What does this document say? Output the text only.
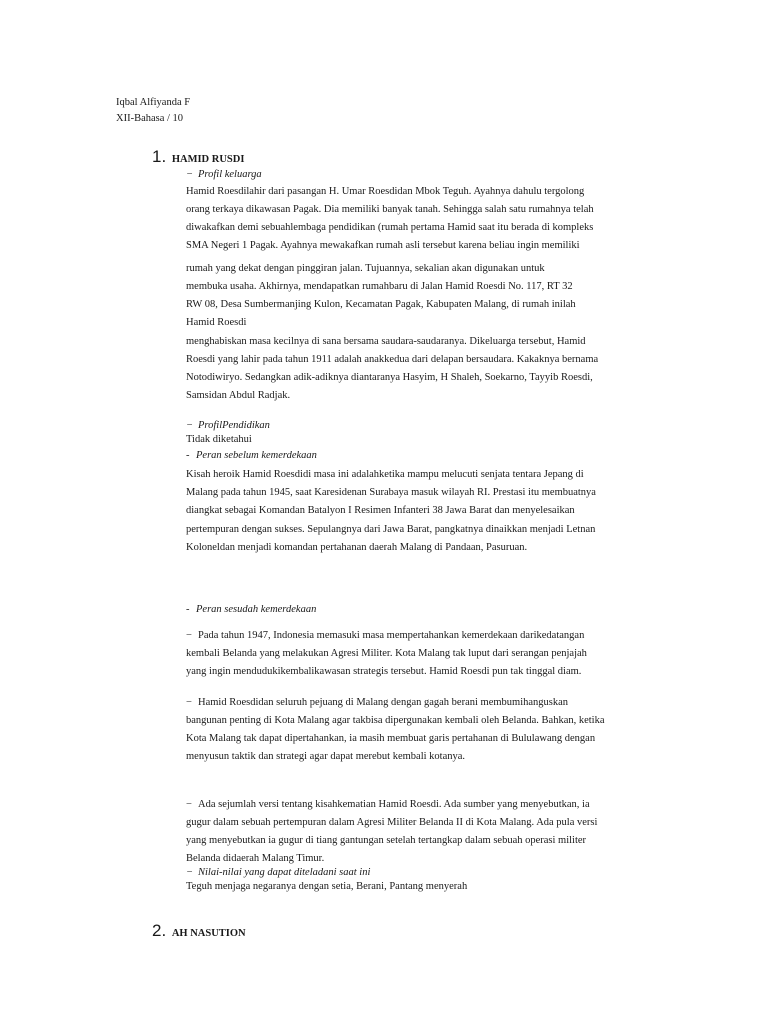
Iqbal Alfiyanda F
XII-Bahasa / 10
1. HAMID RUSDI
− Profil keluarga
Hamid Roesdilahir dari pasangan H. Umar Roesdidan Mbok Teguh. Ayahnya dahulu tergolong
orang terkaya dikawasan Pagak. Dia memiliki banyak tanah. Sehingga salah satu rumahnya telah
diwakafkan demi sebuahlembaga pendidikan (rumah pertama Hamid saat itu berada di kompleks
SMA Negeri 1 Pagak. Ayahnya mewakafkan rumah asli tersebut karena beliau ingin memiliki
rumah yang dekat dengan pinggiran jalan. Tujuannya, sekalian akan digunakan untuk
membuka usaha. Akhirnya, mendapatkan rumahbaru di Jalan Hamid Roesdi No. 117, RT 32
RW 08, Desa Sumbermanjing Kulon, Kecamatan Pagak, Kabupaten Malang, di rumah inilah
Hamid Roesdi
menghabiskan masa kecilnya di sana bersama saudara-saudaranya. Dikeluarga tersebut, Hamid
Roesdi yang lahir pada tahun 1911 adalah anakkedua dari delapan bersaudara. Kakaknya bernama
Notodiwiryo. Sedangkan adik-adiknya diantaranya Hasyim, H Shaleh, Soekarno, Tayyib Roesdi,
Samsidan Abdul Radjak.
− ProfilPendidikan
Tidak diketahui
- Peran sebelum kemerdekaan
Kisah heroik Hamid Roesdidi masa ini adalahketika mampu melucuti senjata tentara Jepang di
Malang pada tahun 1945, saat Karesidenan Surabaya masuk wilayah RI. Prestasi itu membuatnya
diangkat sebagai Komandan Batalyon I Resimen Infanteri 38 Jawa Barat dan menyelesaikan
pertempuran dengan sukses. Sepulangnya dari Jawa Barat, pangkatnya dinaikkan menjadi Letnan
Koloneldan menjadi komandan pertahanan daerah Malang di Pandaan, Pasuruan.
- Peran sesudah kemerdekaan
− Pada tahun 1947, Indonesia memasuki masa mempertahankan kemerdekaan darikedatangan
kembali Belanda yang melakukan Agresi Militer. Kota Malang tak luput dari serangan penjajah
yang ingin mendudukikembalikawasan strategis tersebut. Hamid Roesdi pun tak tinggal diam.
− Hamid Roesdidan seluruh pejuang di Malang dengan gagah berani membumihanguskan
bangunan penting di Kota Malang agar takbisa dipergunakan kembali oleh Belanda. Bahkan, ketika
Kota Malang tak dapat dipertahankan, ia masih membuat garis pertahanan di Bululawang dengan
menyusun taktik dan strategi agar dapat merebut kembali kotanya.
− Ada sejumlah versi tentang kisahkematian Hamid Roesdi. Ada sumber yang menyebutkan, ia
gugur dalam sebuah pertempuran dalam Agresi Militer Belanda II di Kota Malang. Ada pula versi
yang menyebutkan ia gugur di tiang gantungan setelah tertangkap dalam sebuah operasi militer
Belanda didaerah Malang Timur.
− Nilai-nilai yang dapat diteladani saat ini
Teguh menjaga negaranya dengan setia, Berani, Pantang menyerah
2. AH NASUTION
